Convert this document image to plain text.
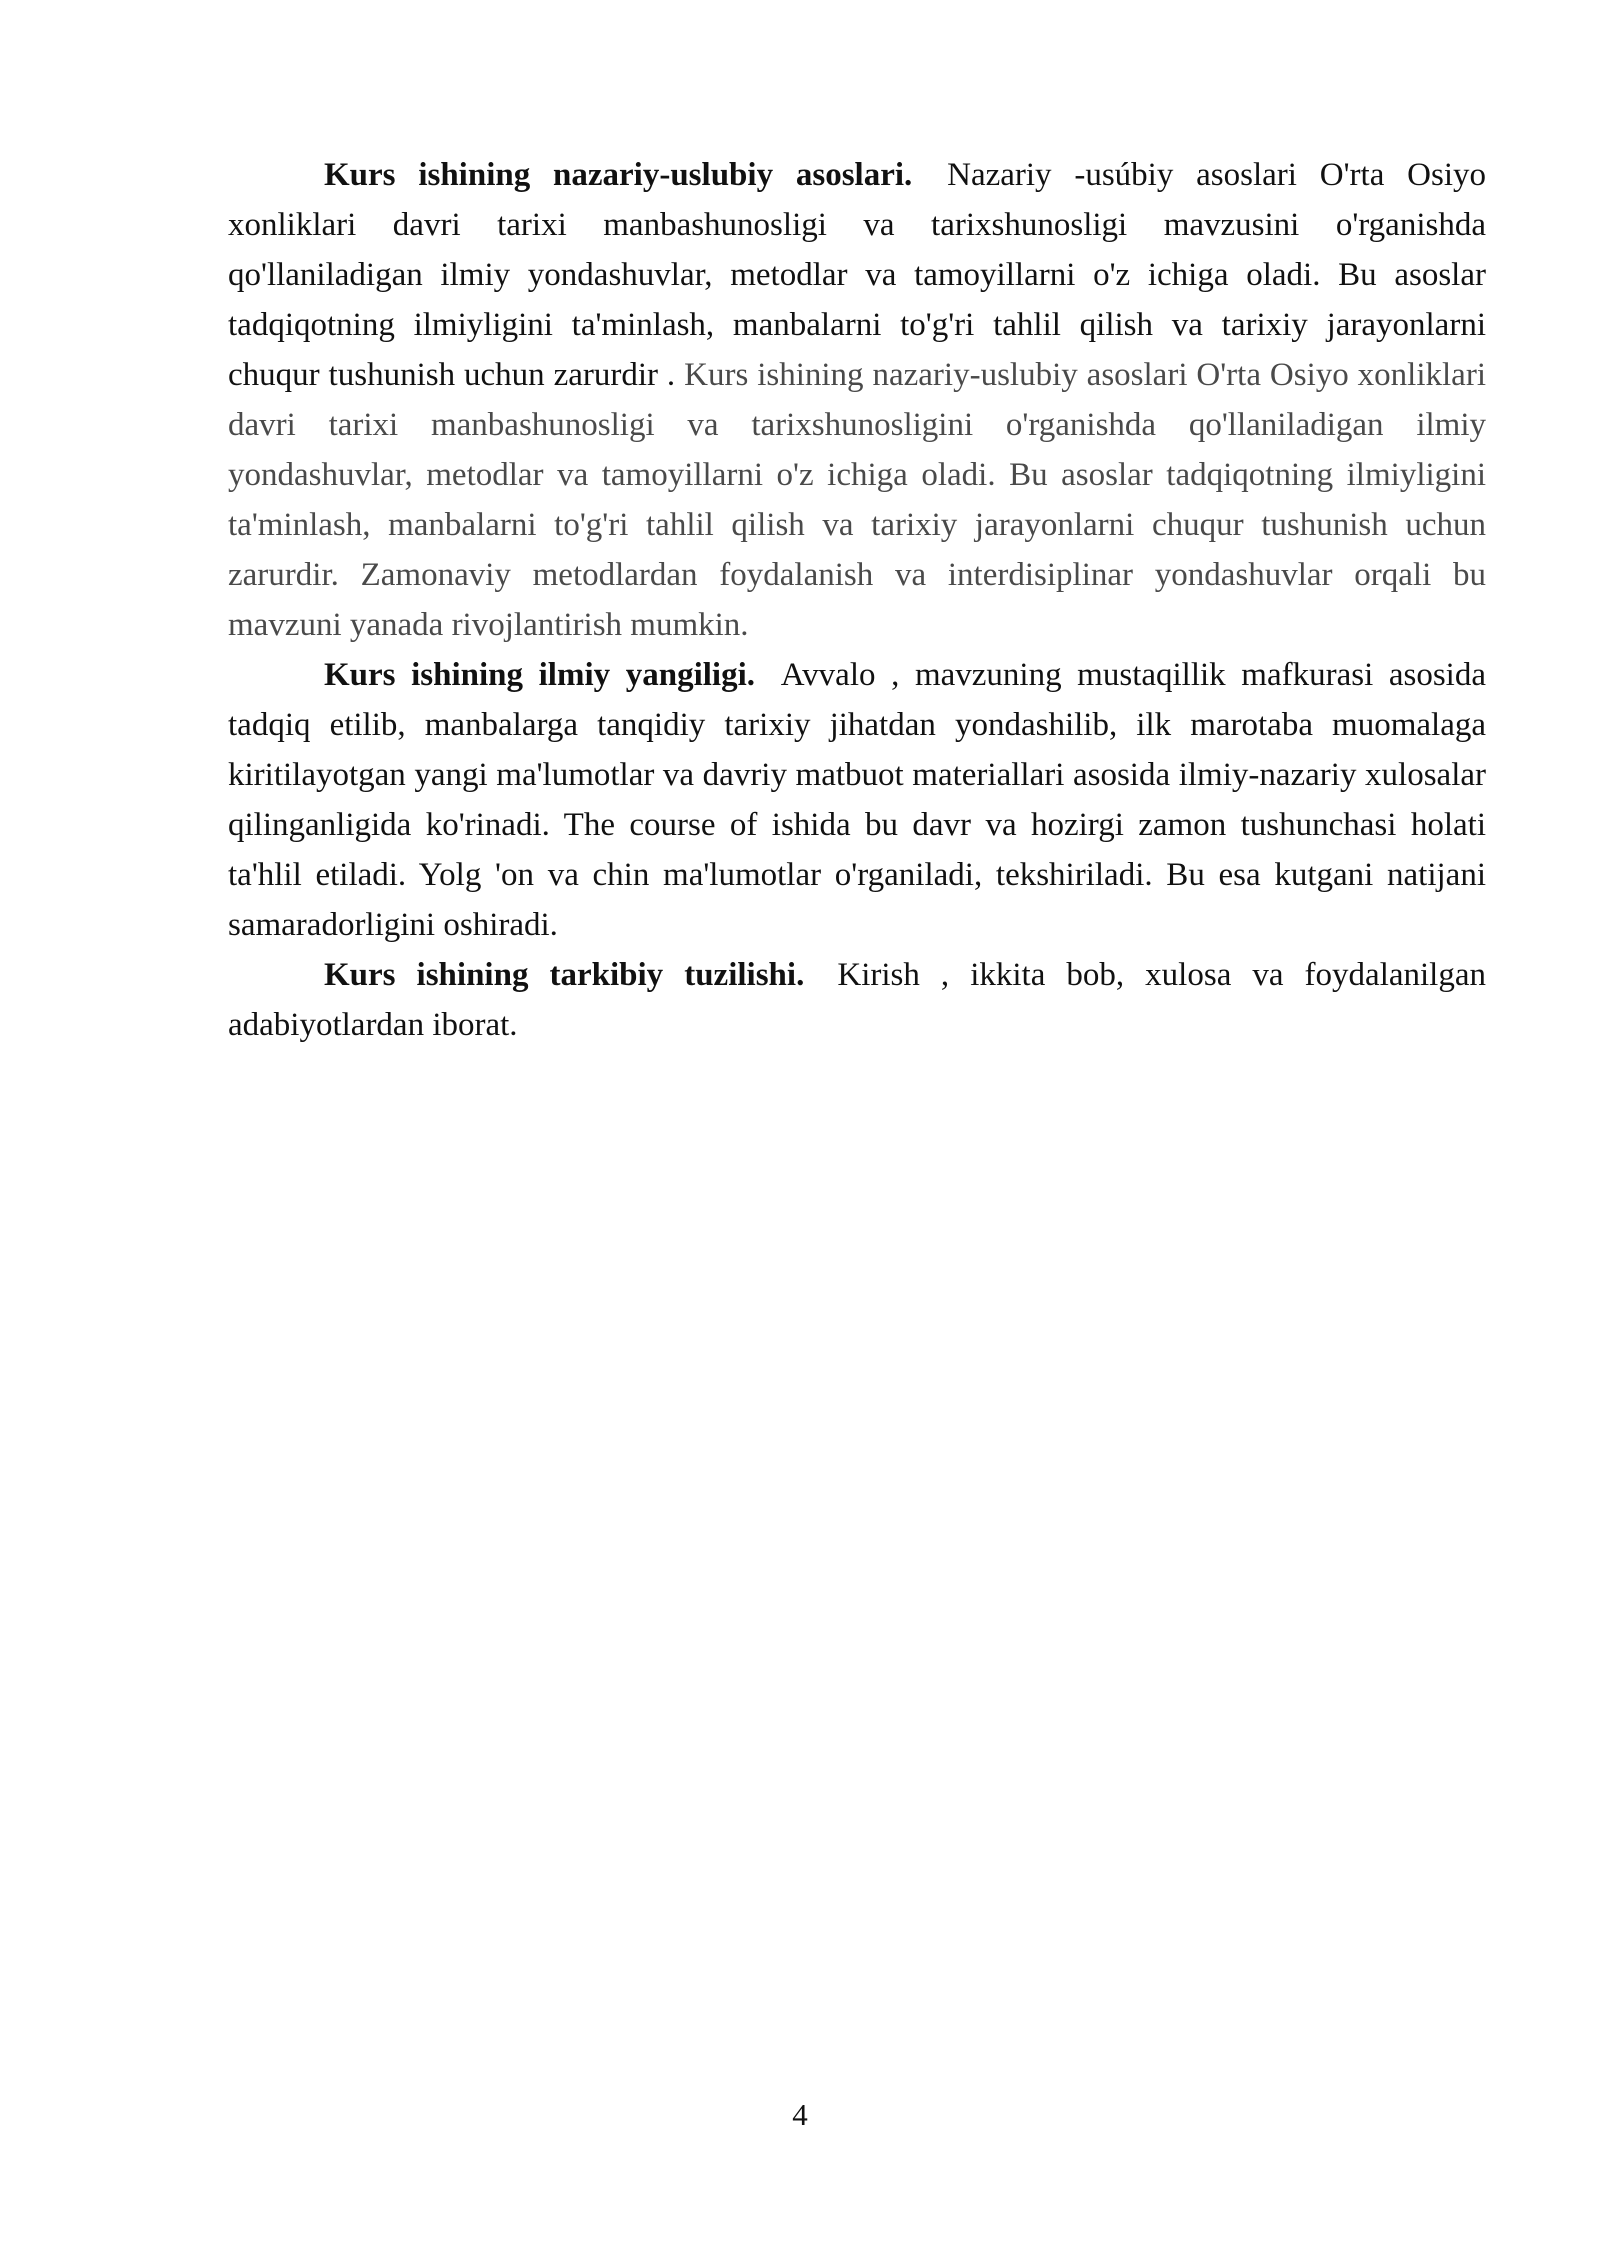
Kurs ishining nazariy-uslubiy asoslari. Nazariy -usúbiy asoslari O'rta Osiyo xonliklari davri tarixi manbashunosligi va tarixshunosligi mavzusini o'rganishda qo'llaniladigan ilmiy yondashuvlar, metodlar va tamoyillarni o'z ichiga oladi. Bu asoslar tadqiqotning ilmiyligini ta'minlash, manbalarni to'g'ri tahlil qilish va tarixiy jarayonlarni chuqur tushunish uchun zarurdir . Kurs ishining nazariy-uslubiy asoslari O'rta Osiyo xonliklari davri tarixi manbashunosligi va tarixshunosligini o'rganishda qo'llaniladigan ilmiy yondashuvlar, metodlar va tamoyillarni o'z ichiga oladi. Bu asoslar tadqiqotning ilmiyligini ta'minlash, manbalarni to'g'ri tahlil qilish va tarixiy jarayonlarni chuqur tushunish uchun zarurdir. Zamonaviy metodlardan foydalanish va interdisiplinar yondashuvlar orqali bu mavzuni yanada rivojlantirish mumkin.

Kurs ishining ilmiy yangiligi. Avvalo , mavzuning mustaqillik mafkurasi asosida tadqiq etilib, manbalarga tanqidiy tarixiy jihatdan yondashilib, ilk marotaba muomalaga kiritilayotgan yangi ma'lumotlar va davriy matbuot materiallari asosida ilmiy-nazariy xulosalar qilinganligida ko'rinadi. The course of ishida bu davr va hozirgi zamon tushunchasi holati ta'hlil etiladi. Yolg 'on va chin ma'lumotlar o'rganiladi, tekshiriladi. Bu esa kutgani natijani samaradorligini oshiradi.

Kurs ishining tarkibiy tuzilishi. Kirish , ikkita bob, xulosa va foydalanilgan adabiyotlardan iborat.

4
